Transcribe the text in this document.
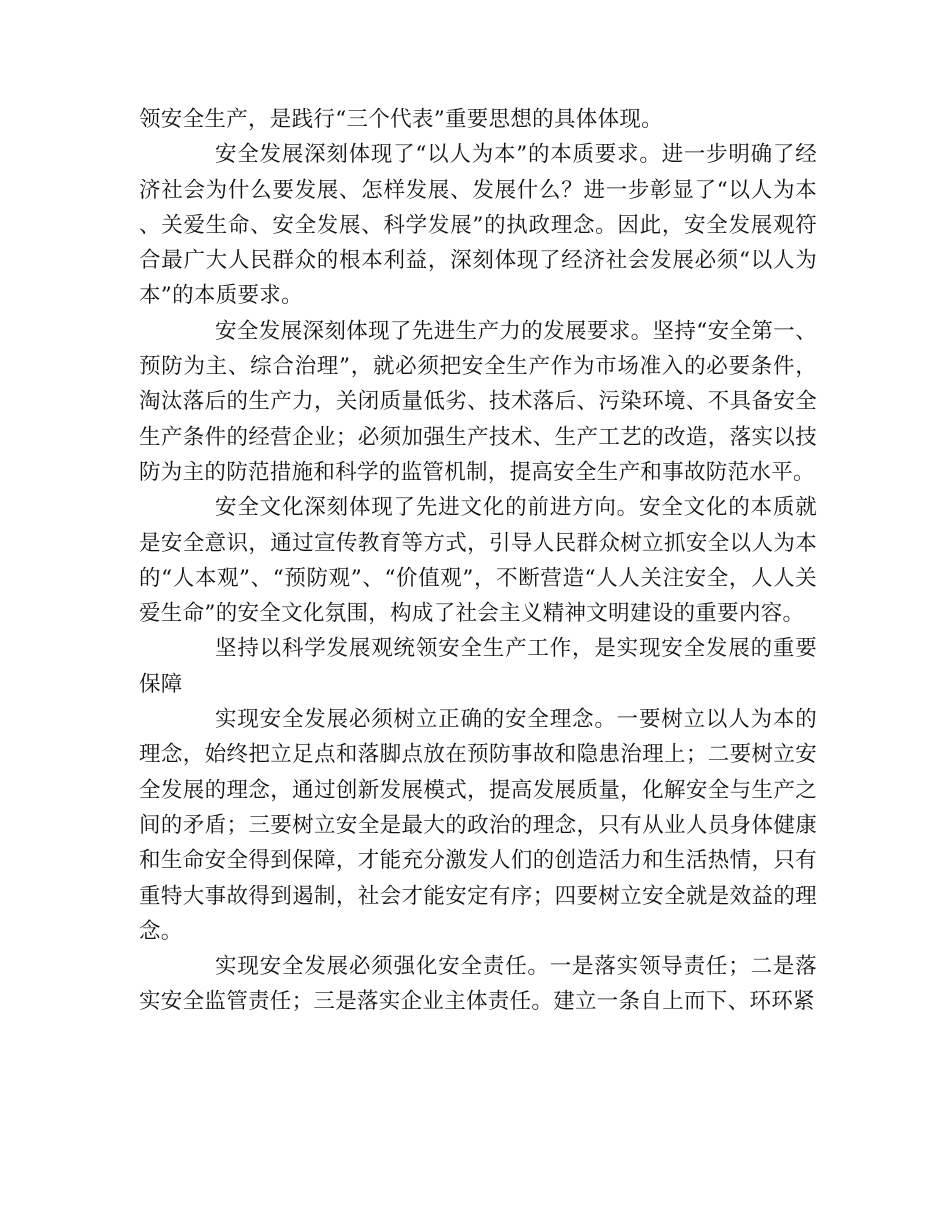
领安全生产，是践行“三个代表”重要思想的具体体现。

安全发展深刻体现了“以人为本”的本质要求。进一步明确了经济社会为什么要发展、怎样发展、发展什么？进一步彰显了“以人为本、关爱生命、安全发展、科学发展”的执政理念。因此，安全发展观符合最广大人民群众的根本利益，深刻体现了经济社会发展必须“以人为本”的本质要求。

安全发展深刻体现了先进生产力的发展要求。坚持“安全第一、预防为主、综合治理”，就必须把安全生产作为市场准入的必要条件，淘汰落后的生产力，关闭质量低劣、技术落后、污染环境、不具备安全生产条件的经营企业；必须加强生产技术、生产工艺的改造，落实以技防为主的防范措施和科学的监管机制，提高安全生产和事故防范水平。

安全文化深刻体现了先进文化的前进方向。安全文化的本质就是安全意识，通过宣传教育等方式，引导人民群众树立抓安全以人为本的“人本观”、“预防观”、“价值观”，不断营造“人人关注安全，人人关爱生命”的安全文化氛围，构成了社会主义精神文明建设的重要内容。

坚持以科学发展观统领安全生产工作，是实现安全发展的重要保障

实现安全发展必须树立正确的安全理念。一要树立以人为本的理念，始终把立足点和落脚点放在预防事故和隐患治理上；二要树立安全发展的理念，通过创新发展模式，提高发展质量，化解安全与生产之间的矛盾；三要树立安全是最大的政治的理念，只有从业人员身体健康和生命安全得到保障，才能充分激发人们的创造活力和生活热情，只有重特大事故得到遏制，社会才能安定有序；四要树立安全就是效益的理念。

实现安全发展必须强化安全责任。一是落实领导责任；二是落实安全监管责任；三是落实企业主体责任。建立一条自上而下、环环紧
